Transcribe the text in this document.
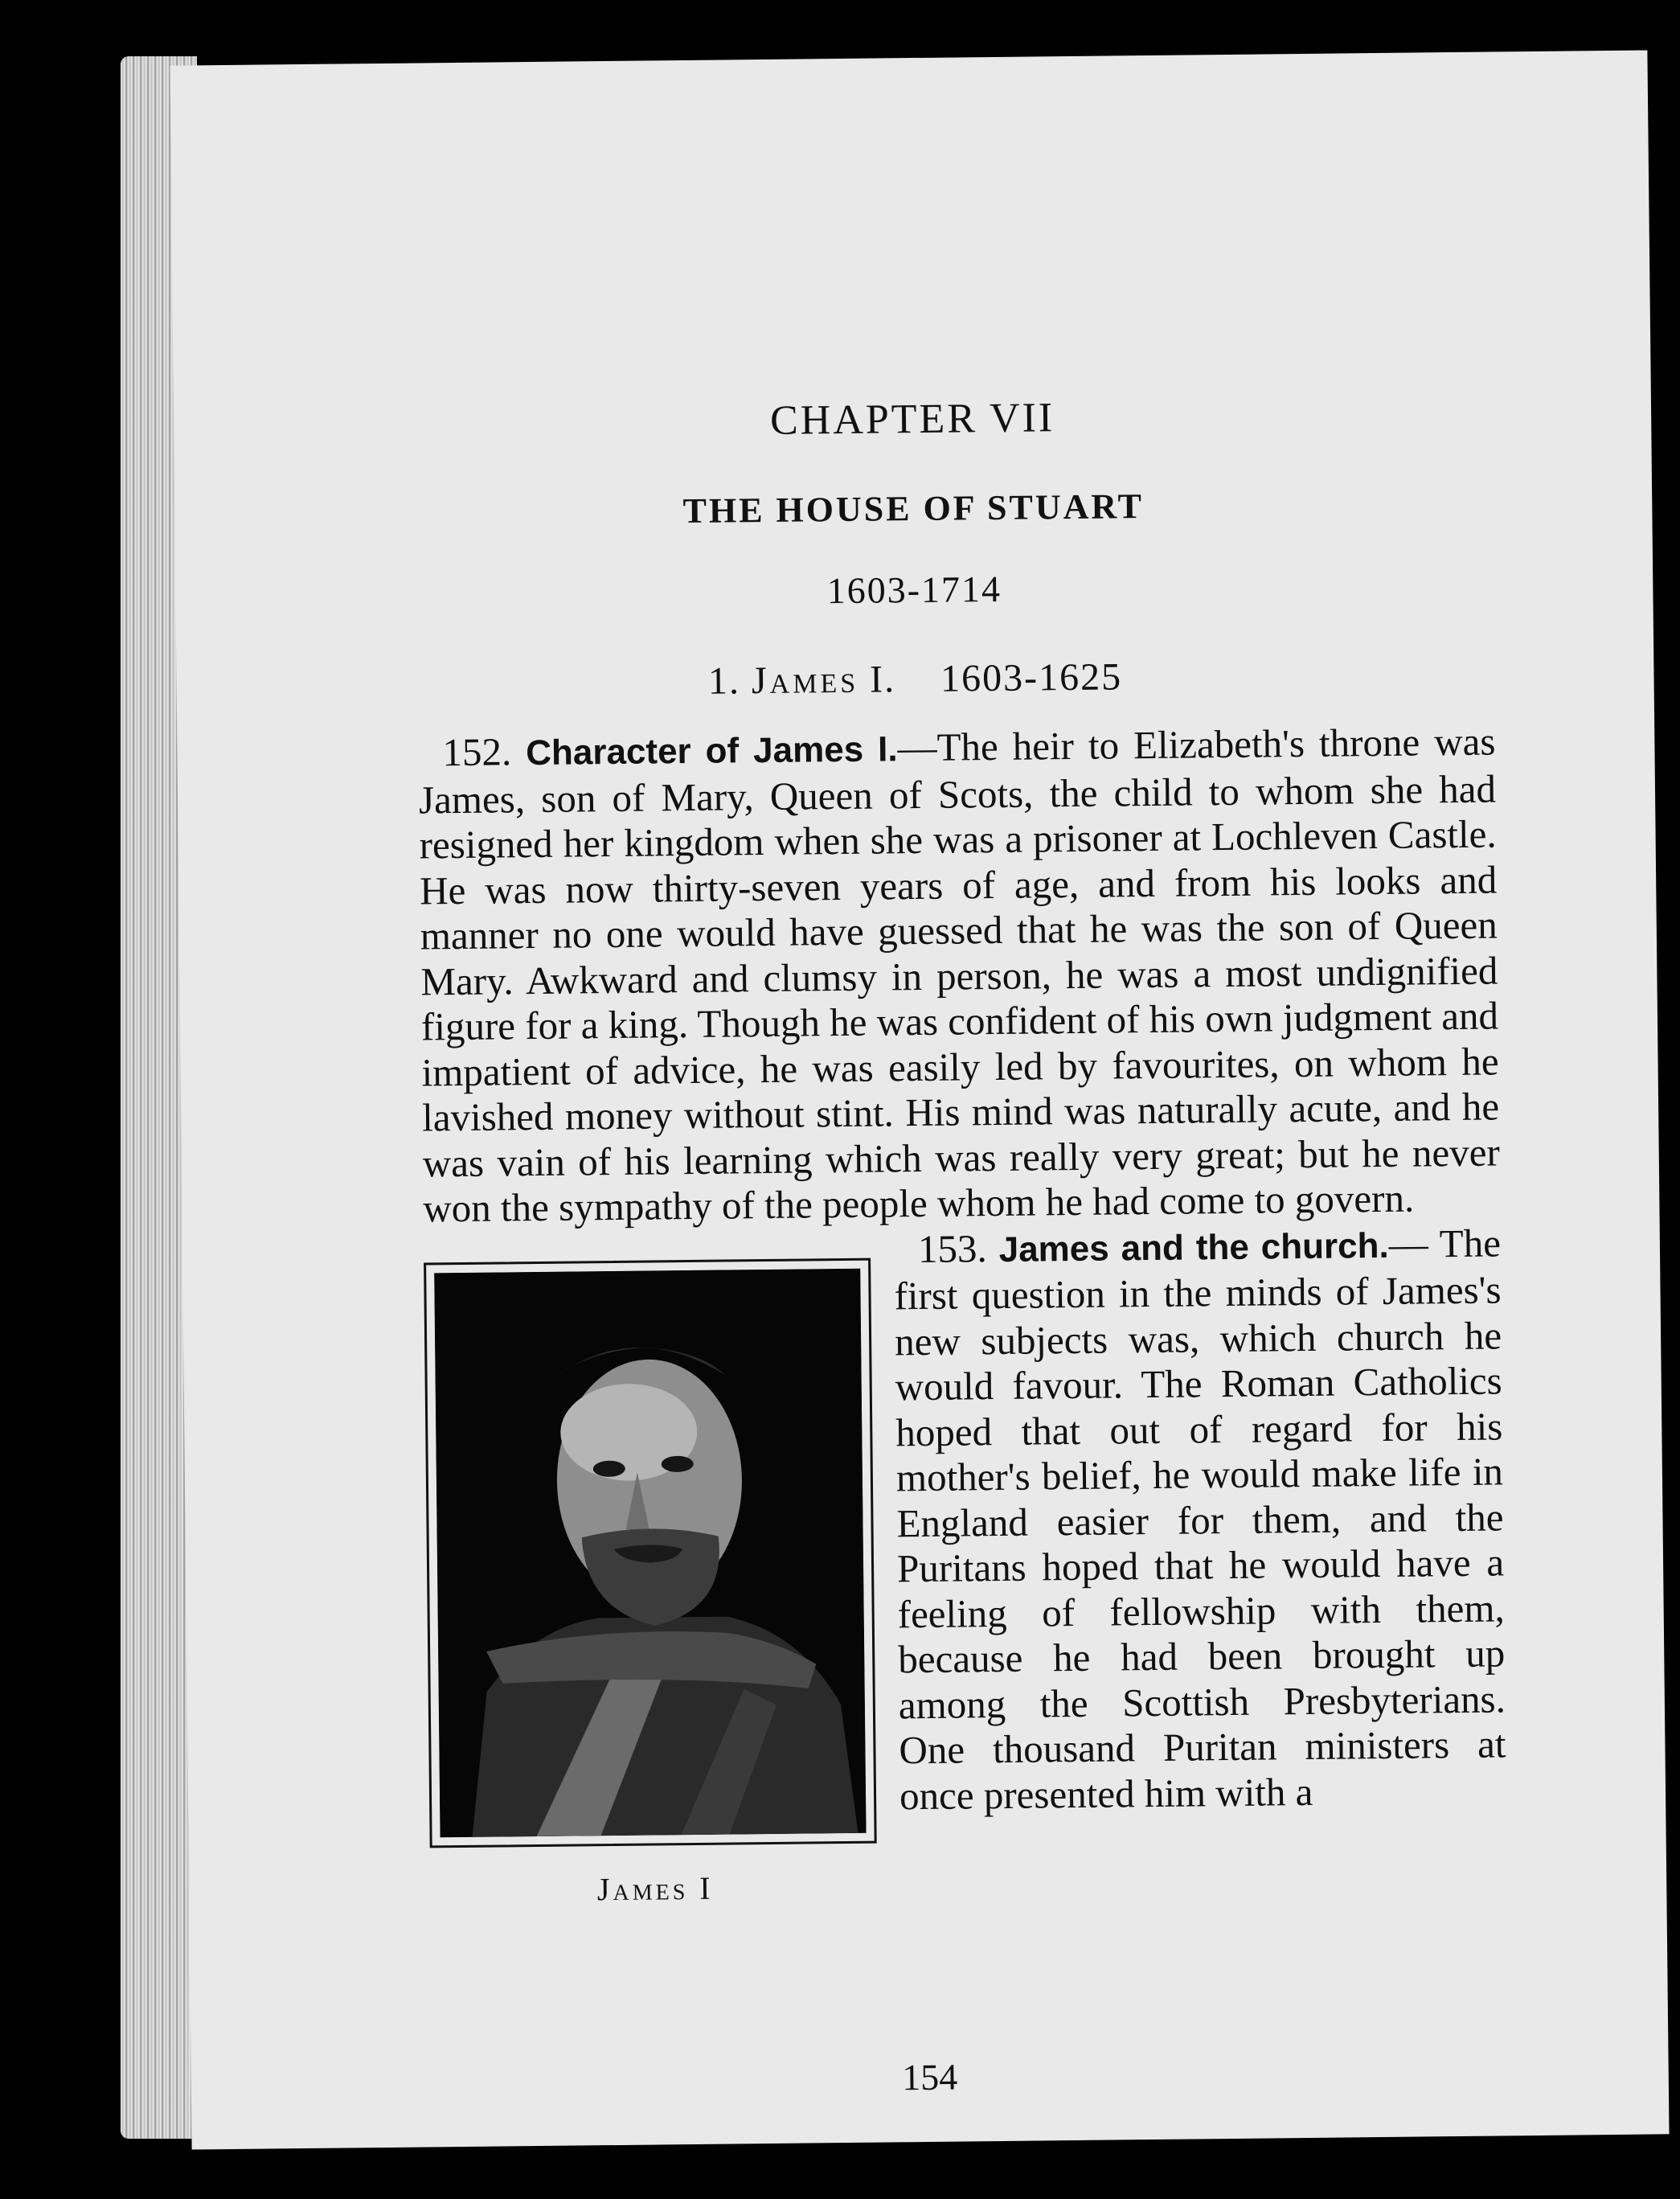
CHAPTER VII
THE HOUSE OF STUART
1603-1714
1. James I. 1603-1625

152. Character of James I.—The heir to Elizabeth's throne was James, son of Mary, Queen of Scots, the child to whom she had resigned her kingdom when she was a prisoner at Lochleven Castle. He was now thirty-seven years of age, and from his looks and manner no one would have guessed that he was the son of Queen Mary. Awkward and clumsy in person, he was a most undignified figure for a king. Though he was confident of his own judgment and impatient of advice, he was easily led by favourites, on whom he lavished money without stint. His mind was naturally acute, and he was vain of his learning which was really very great; but he never won the sympathy of the people whom he had come to govern.

James I

153. James and the church.— The first question in the minds of James's new subjects was, which church he would favour. The Roman Catholics hoped that out of regard for his mother's belief, he would make life in England easier for them, and the Puritans hoped that he would have a feeling of fellowship with them, because he had been brought up among the Scottish Presbyterians. One thousand Puritan ministers at once presented him with a

154
